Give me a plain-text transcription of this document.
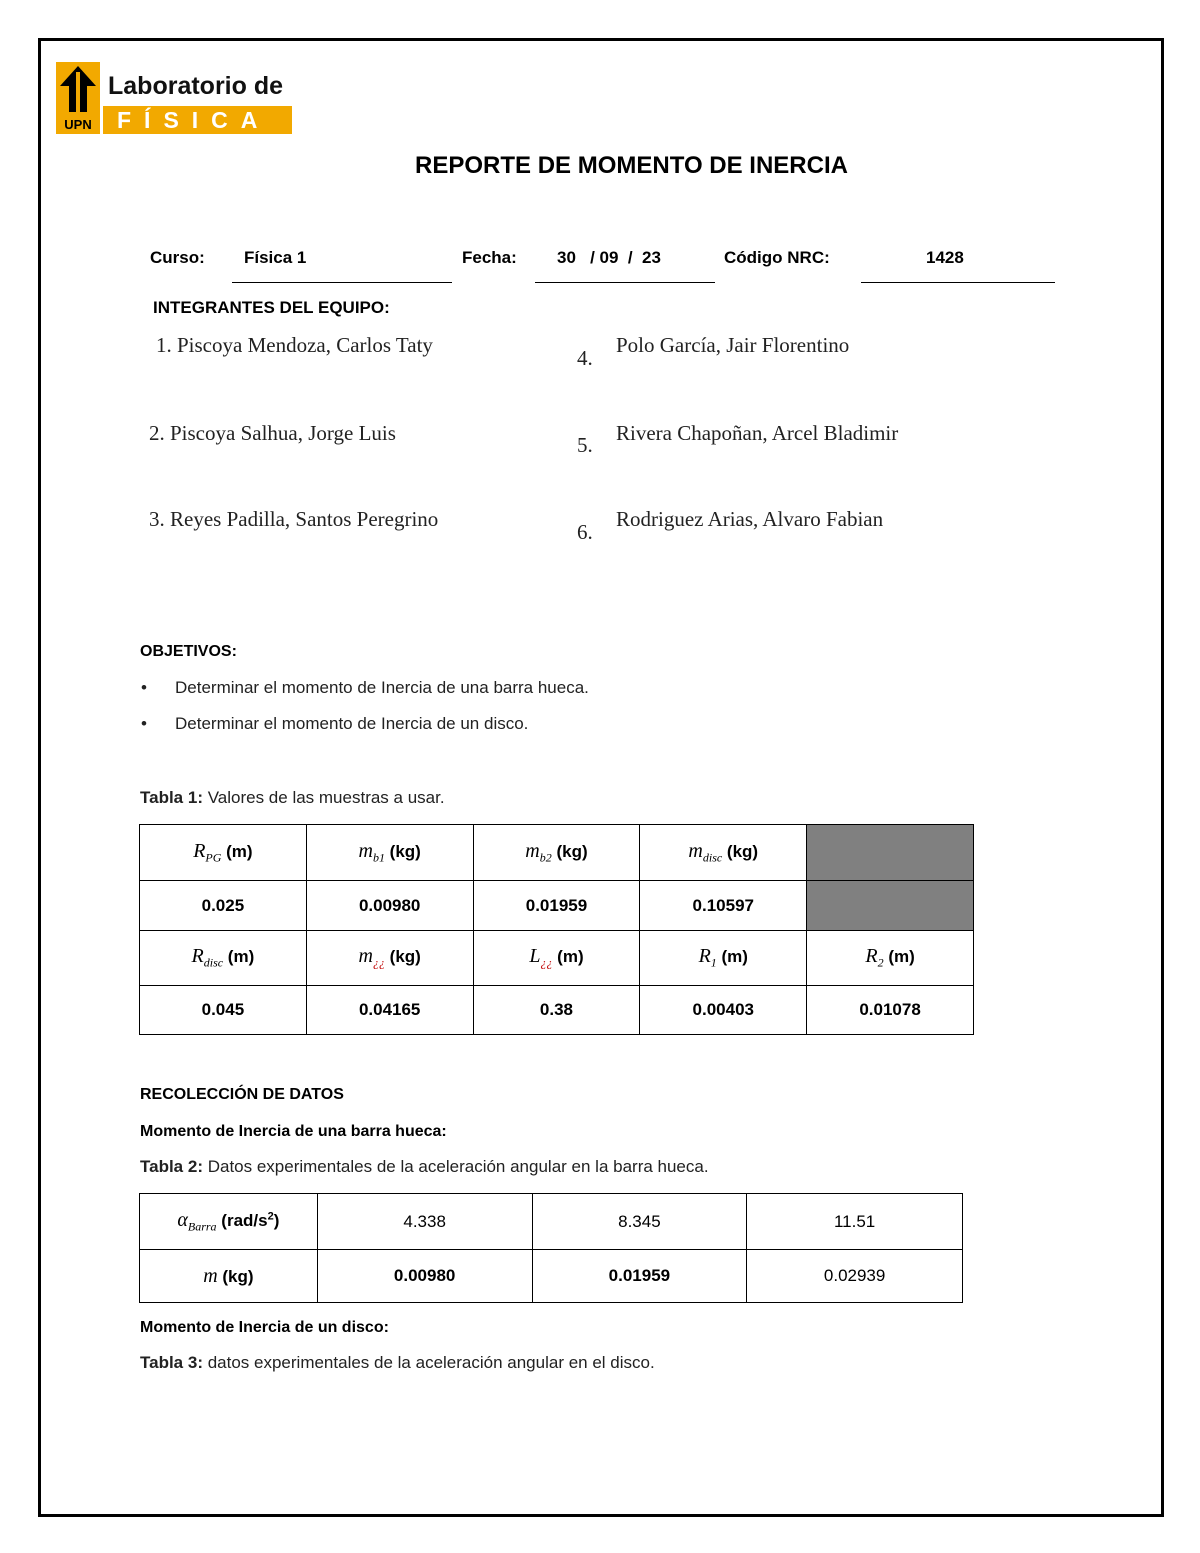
UPN
Laboratorio de
FÍSICA
REPORTE DE MOMENTO DE INERCIA
Curso: Física 1	Fecha: 30   / 09  /  23	Código NRC:	1428
INTEGRANTES DEL EQUIPO:
1. Piscoya Mendoza, Carlos Taty
2. Piscoya Salhua, Jorge Luis
3. Reyes Padilla, Santos Peregrino
4.
5.
6.
Polo García, Jair Florentino
Rivera Chapoñan, Arcel Bladimir
Rodriguez Arias, Alvaro Fabian
OBJETIVOS:
• Determinar el momento de Inercia de una barra hueca.
• Determinar el momento de Inercia de un disco.
Tabla 1: Valores de las muestras a usar.
$R_{PG}$ (m)	$m_{b1}$ (kg)	$m_{b2}$ (kg)	$m_{disc}$ (kg)	
0.025	0.00980	0.01959	0.10597	
$R_{disc}$ (m)	$m_{¿¿}$ (kg)	$L_{¿¿}$ (m)	$R_1$ (m)	$R_2$ (m)
0.045	0.04165	0.38	0.00403	0.01078
RECOLECCIÓN DE DATOS
Momento de Inercia de una barra hueca:
Tabla 2: Datos experimentales de la aceleración angular en la barra hueca.
$\alpha_{Barra}$ $(rad/s^2)$	4.338	8.345	11.51
m (kg)	0.00980	0.01959	0.02939
Momento de Inercia de un disco:
Tabla 3: datos experimentales de la aceleración angular en el disco.
